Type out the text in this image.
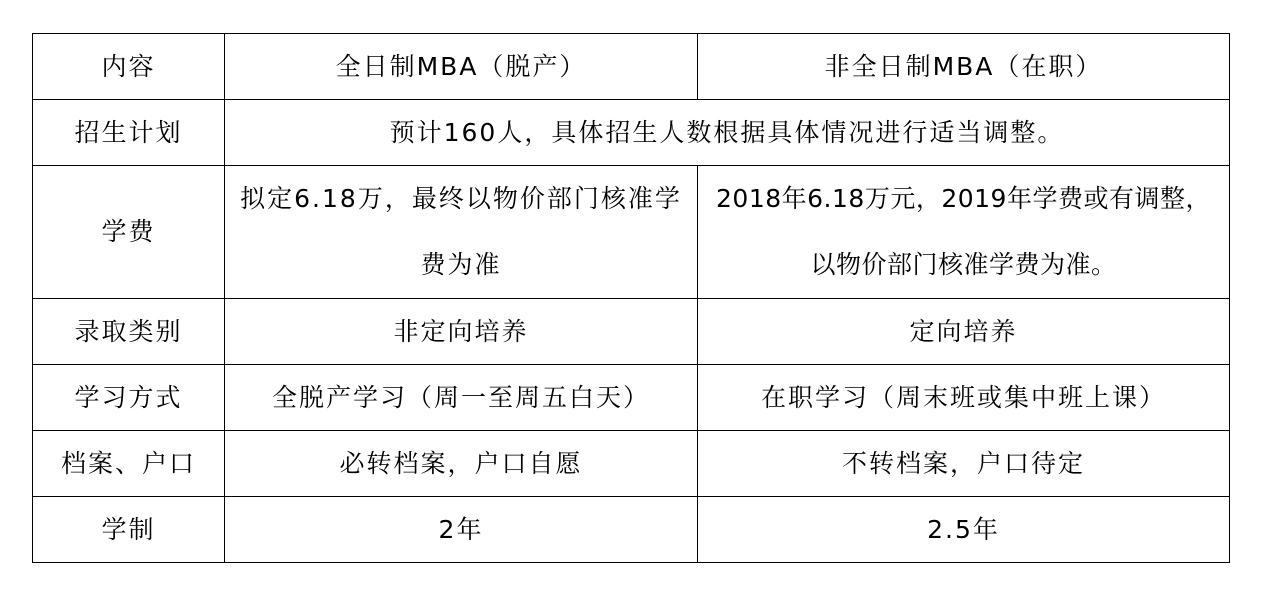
内容	全日制MBA（脱产）	非全日制MBA（在职）
招生计划	预计160人，具体招生人数根据具体情况进行适当调整。	
学费	拟定6.18万，最终以物价部门核准学费为准	2018年6.18万元，2019年学费或有调整，以物价部门核准学费为准。
录取类别	非定向培养	定向培养
学习方式	全脱产学习（周一至周五白天）	在职学习（周末班或集中班上课）
档案、户口	必转档案，户口自愿	不转档案，户口待定
学制	2年	2.5年
